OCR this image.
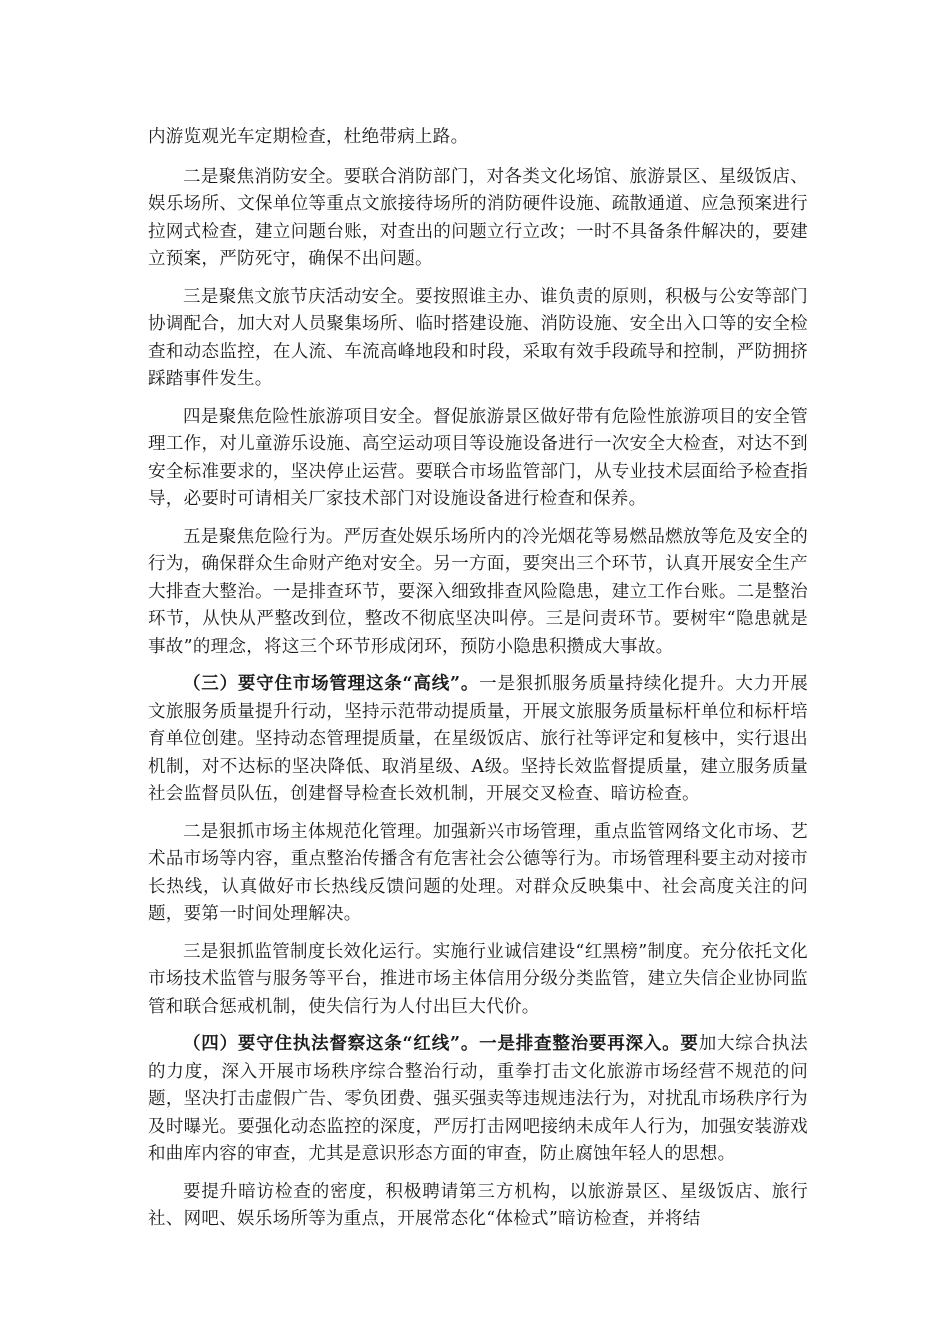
内游览观光车定期检查，杜绝带病上路。

二是聚焦消防安全。要联合消防部门，对各类文化场馆、旅游景区、星级饭店、娱乐场所、文保单位等重点文旅接待场所的消防硬件设施、疏散通道、应急预案进行拉网式检查，建立问题台账，对查出的问题立行立改；一时不具备条件解决的，要建立预案，严防死守，确保不出问题。

三是聚焦文旅节庆活动安全。要按照谁主办、谁负责的原则，积极与公安等部门协调配合，加大对人员聚集场所、临时搭建设施、消防设施、安全出入口等的安全检查和动态监控，在人流、车流高峰地段和时段，采取有效手段疏导和控制，严防拥挤踩踏事件发生。

四是聚焦危险性旅游项目安全。督促旅游景区做好带有危险性旅游项目的安全管理工作，对儿童游乐设施、高空运动项目等设施设备进行一次安全大检查，对达不到安全标准要求的，坚决停止运营。要联合市场监管部门，从专业技术层面给予检查指导，必要时可请相关厂家技术部门对设施设备进行检查和保养。

五是聚焦危险行为。严厉查处娱乐场所内的冷光烟花等易燃品燃放等危及安全的行为，确保群众生命财产绝对安全。另一方面，要突出三个环节，认真开展安全生产大排查大整治。一是排查环节，要深入细致排查风险隐患，建立工作台账。二是整治环节，从快从严整改到位，整改不彻底坚决叫停。三是问责环节。要树牢“隐患就是事故”的理念，将这三个环节形成闭环，预防小隐患积攒成大事故。

（三）要守住市场管理这条“高线”。一是狠抓服务质量持续化提升。大力开展文旅服务质量提升行动，坚持示范带动提质量，开展文旅服务质量标杆单位和标杆培育单位创建。坚持动态管理提质量，在星级饭店、旅行社等评定和复核中，实行退出机制，对不达标的坚决降低、取消星级、A级。坚持长效监督提质量，建立服务质量社会监督员队伍，创建督导检查长效机制，开展交叉检查、暗访检查。

二是狠抓市场主体规范化管理。加强新兴市场管理，重点监管网络文化市场、艺术品市场等内容，重点整治传播含有危害社会公德等行为。市场管理科要主动对接市长热线，认真做好市长热线反馈问题的处理。对群众反映集中、社会高度关注的问题，要第一时间处理解决。

三是狠抓监管制度长效化运行。实施行业诚信建设“红黑榜”制度。充分依托文化市场技术监管与服务等平台，推进市场主体信用分级分类监管，建立失信企业协同监管和联合惩戒机制，使失信行为人付出巨大代价。

（四）要守住执法督察这条“红线”。一是排查整治要再深入。要加大综合执法的力度，深入开展市场秩序综合整治行动，重拳打击文化旅游市场经营不规范的问题，坚决打击虚假广告、零负团费、强买强卖等违规违法行为，对扰乱市场秩序行为及时曝光。要强化动态监控的深度，严厉打击网吧接纳未成年人行为，加强安装游戏和曲库内容的审查，尤其是意识形态方面的审查，防止腐蚀年轻人的思想。

要提升暗访检查的密度，积极聘请第三方机构，以旅游景区、星级饭店、旅行社、网吧、娱乐场所等为重点，开展常态化“体检式”暗访检查，并将结
